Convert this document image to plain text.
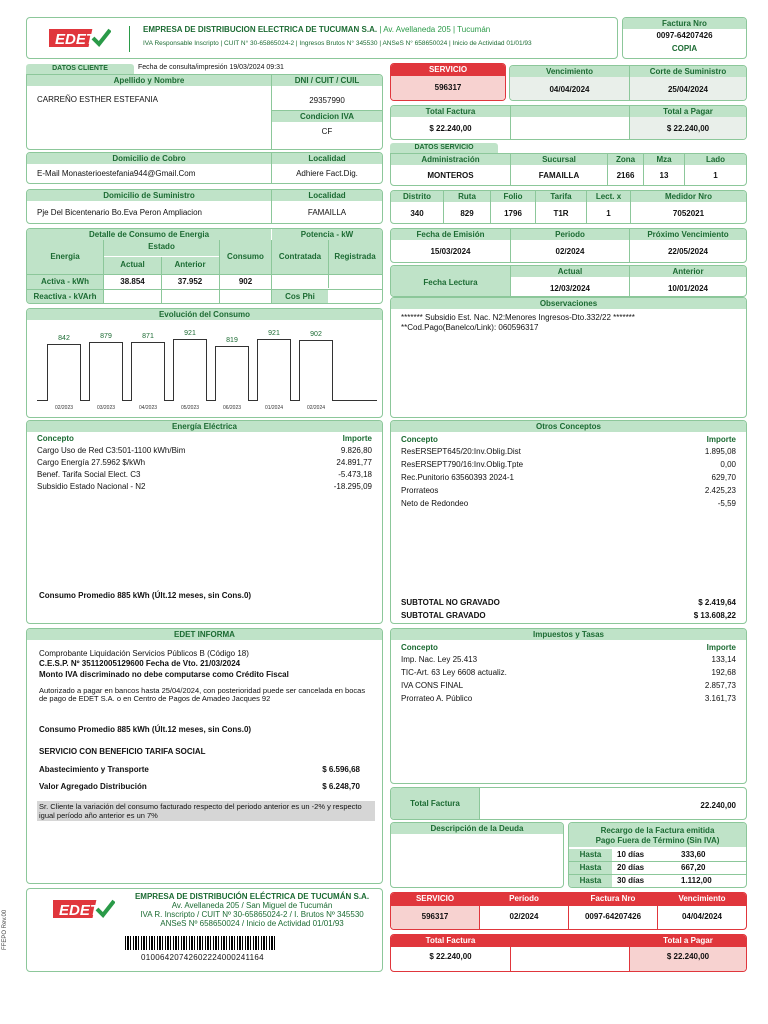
EDET
EMPRESA DE DISTRIBUCION ELECTRICA DE TUCUMAN S.A. | Av. Avellaneda 205 | Tucumán
IVA Responsable Inscripto | CUIT N° 30-65865024-2 | Ingresos Brutos N° 345530 | ANSeS N° 658650024 | Inicio de Actividad 01/01/93
Factura Nro
0097-64207426
COPIA
DATOS CLIENTE	Fecha de consulta/impresión 19/03/2024 09:31
Apellido y Nombre	DNI / CUIT / CUIL
CARREÑO ESTHER ESTEFANIA	29357990
Condicion IVA
CF
Domicilio de Cobro	Localidad
E-Mail Monasterioestefania944@Gmail.Com	Adhiere Fact.Dig.
Domicilio de Suministro	Localidad
Pje Del Bicentenario Bo.Eva Peron Ampliacion	FAMAILLA
Detalle de Consumo de Energia	Potencia - kW
Energia
Estado
Actual	Anterior
Consumo	Contratada	Registrada
Activa - kWh	38.854	37.952	902
Reactiva - kVArh	Cos Phi
Evolución del Consumo
842
02/2023
879
03/2023
871
04/2023
921
05/2023
819
06/2023
921
01/2024
902
02/2024
SERVICIO
596317
Vencimiento	Corte de Suministro
04/04/2024	25/04/2024
Total Factura	Total a Pagar
$ 22.240,00	$ 22.240,00
DATOS SERVICIO
Administración	Sucursal	Zona	Mza	Lado
MONTEROS	FAMAILLA	2166	13	1
Distrito	Ruta	Folio	Tarifa	Lect. x	Medidor Nro
340	829	1796	T1R	1	7052021
Fecha de Emisión	Periodo	Próximo Vencimiento
15/03/2024	02/2024	22/05/2024
Fecha Lectura
Actual	Anterior
12/03/2024	10/01/2024
Observaciones
******* Subsidio Est. Nac. N2:Menores Ingresos-Dto.332/22 *******
**Cod.Pago(Banelco/Link): 060596317
Energía Eléctrica
Concepto	Importe
Cargo Uso de Red C3:501-1100 kWh/Bim	9.826,80
Cargo Energía 27.5962 $/kWh	24.891,77
Benef. Tarifa Social Elect. C3	-5.473,18
Subsidio Estado Nacional - N2	-18.295,09
Consumo Promedio 885 kWh (Últ.12 meses, sin Cons.0)
Otros Conceptos
Concepto	Importe
ResERSEPT645/20:Inv.Oblig.Dist	1.895,08
ResERSEPT790/16:Inv.Oblig.Tpte	0,00
Rec.Punitorio 63560393 2024-1	629,70
Prorrateos	2.425,23
Neto de Redondeo	-5,59
SUBTOTAL NO GRAVADO	$ 2.419,64
SUBTOTAL GRAVADO	$ 13.608,22
EDET INFORMA
Comprobante Liquidación Servicios Públicos B (Código 18)
C.E.S.P. Nº 35112005129600 Fecha de Vto. 21/03/2024
Monto IVA discriminado no debe computarse como Crédito Fiscal
Autorizado a pagar en bancos hasta 25/04/2024, con posterioridad puede ser cancelada en bocas de pago de EDET S.A. o en Centro de Pagos de Amadeo Jacques 92
Consumo Promedio 885 kWh (Últ.12 meses, sin Cons.0)
SERVICIO CON BENEFICIO TARIFA SOCIAL
Abastecimiento y Transporte	$ 6.596,68
Valor Agregado Distribución	$ 6.248,70
Sr. Cliente la variación del consumo facturado respecto del periodo anterior es un -2% y respecto igual período año anterior es un 7%
Impuestos y Tasas
Concepto	Importe
Imp. Nac. Ley 25.413	133,14
TIC-Art. 63 Ley 6608 actualiz.	192,68
IVA CONS FINAL	2.857,73
Prorrateo A. Público	3.161,73
Total Factura	22.240,00
Descripción de la Deuda	Recargo de la Factura emitida
Pago Fuera de Término (Sin IVA)
Hasta	10 días	333,60
Hasta	20 días	667,20
Hasta	30 días	1.112,00
FFEPO Rev.00	EDET
EMPRESA DE DISTRIBUCIÓN ELÉCTRICA DE TUCUMÁN S.A.
Av. Avellaneda 205 / San Miguel de Tucumán
IVA R. Inscripto / CUIT Nº 30-65865024-2 / I. Brutos Nº 345530
ANSeS Nº 658650024 / Inicio de Actividad 01/01/93
01006420742602224000241164
SERVICIO	Período	Factura Nro	Vencimiento
596317	02/2024	0097-64207426	04/04/2024
Total Factura	Total a Pagar
$ 22.240,00	$ 22.240,00
